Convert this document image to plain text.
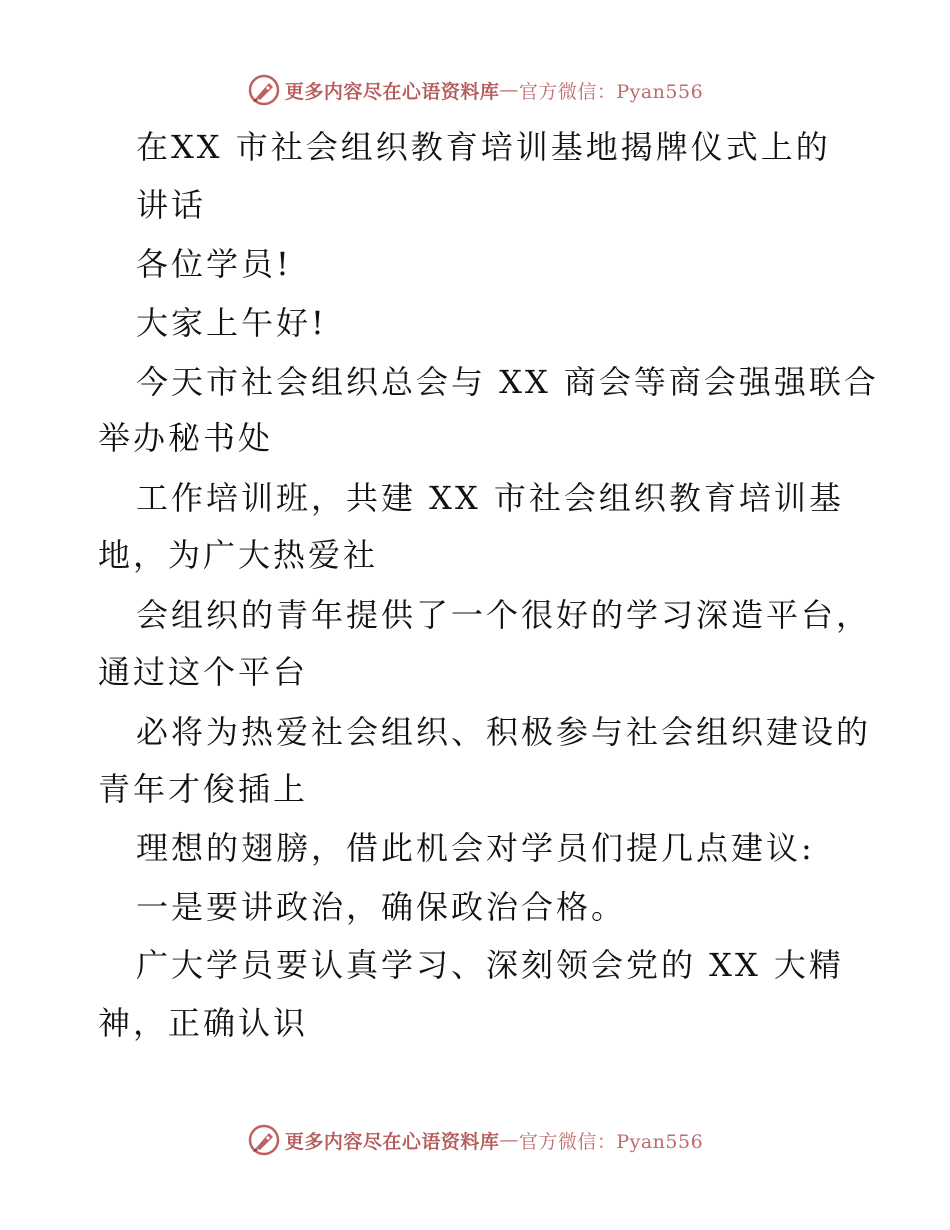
更多内容尽在心语资料库 — 官方微信：Pyan556
在XX 市社会组织教育培训基地揭牌仪式上的
讲话
各位学员!
大家上午好!
今天市社会组织总会与 XX 商会等商会强强联合
举办秘书处
工作培训班，共建 XX 市社会组织教育培训基
地，为广大热爱社
会组织的青年提供了一个很好的学习深造平台，
通过这个平台
必将为热爱社会组织、积极参与社会组织建设的
青年才俊插上
理想的翅膀，借此机会对学员们提几点建议:
一是要讲政治，确保政治合格。
广大学员要认真学习、深刻领会党的 XX 大精
神，正确认识
更多内容尽在心语资料库 — 官方微信：Pyan556
